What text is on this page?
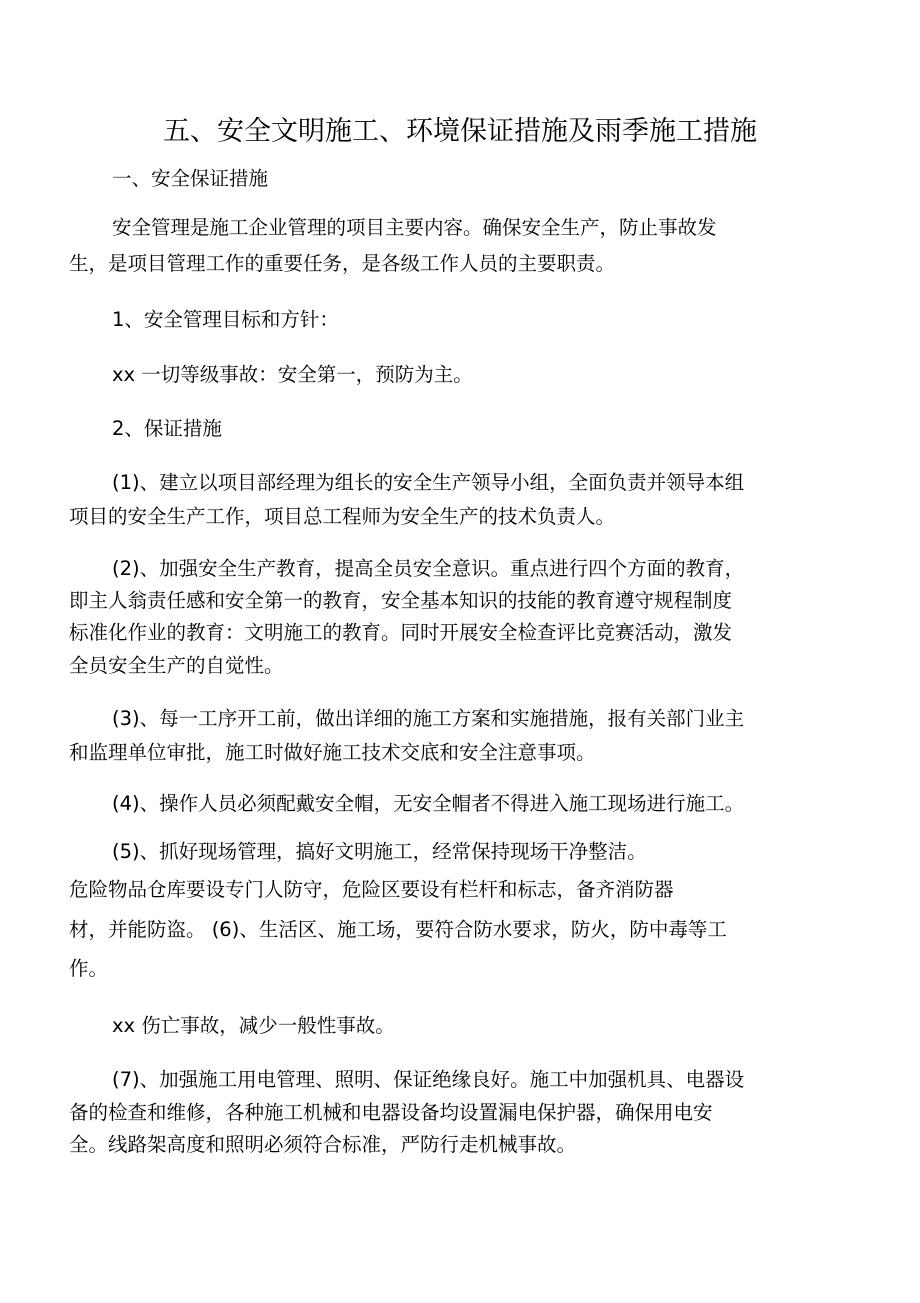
五、安全文明施工、环境保证措施及雨季施工措施
一、安全保证措施
安全管理是施工企业管理的项目主要内容。确保安全生产，防止事故发
生，是项目管理工作的重要任务，是各级工作人员的主要职责。
1、安全管理目标和方针：
xx 一切等级事故：安全第一，预防为主。
2、保证措施
(1)、建立以项目部经理为组长的安全生产领导小组，全面负责并领导本组
项目的安全生产工作，项目总工程师为安全生产的技术负责人。
(2)、加强安全生产教育，提高全员安全意识。重点进行四个方面的教育，
即主人翁责任感和安全第一的教育，安全基本知识的技能的教育遵守规程制度
标准化作业的教育：文明施工的教育。同时开展安全检查评比竞赛活动，激发
全员安全生产的自觉性。
(3)、每一工序开工前，做出详细的施工方案和实施措施，报有关部门业主
和监理单位审批，施工时做好施工技术交底和安全注意事项。
(4)、操作人员必须配戴安全帽，无安全帽者不得进入施工现场进行施工。
(5)、抓好现场管理，搞好文明施工，经常保持现场干净整洁。
危险物品仓库要设专门人防守，危险区要设有栏杆和标志，备齐消防器
材，并能防盗。 (6)、生活区、施工场，要符合防水要求，防火，防中毒等工
作。
xx 伤亡事故，减少一般性事故。
(7)、加强施工用电管理、照明、保证绝缘良好。施工中加强机具、电器设
备的检查和维修，各种施工机械和电器设备均设置漏电保护器，确保用电安
全。线路架高度和照明必须符合标准，严防行走机械事故。
